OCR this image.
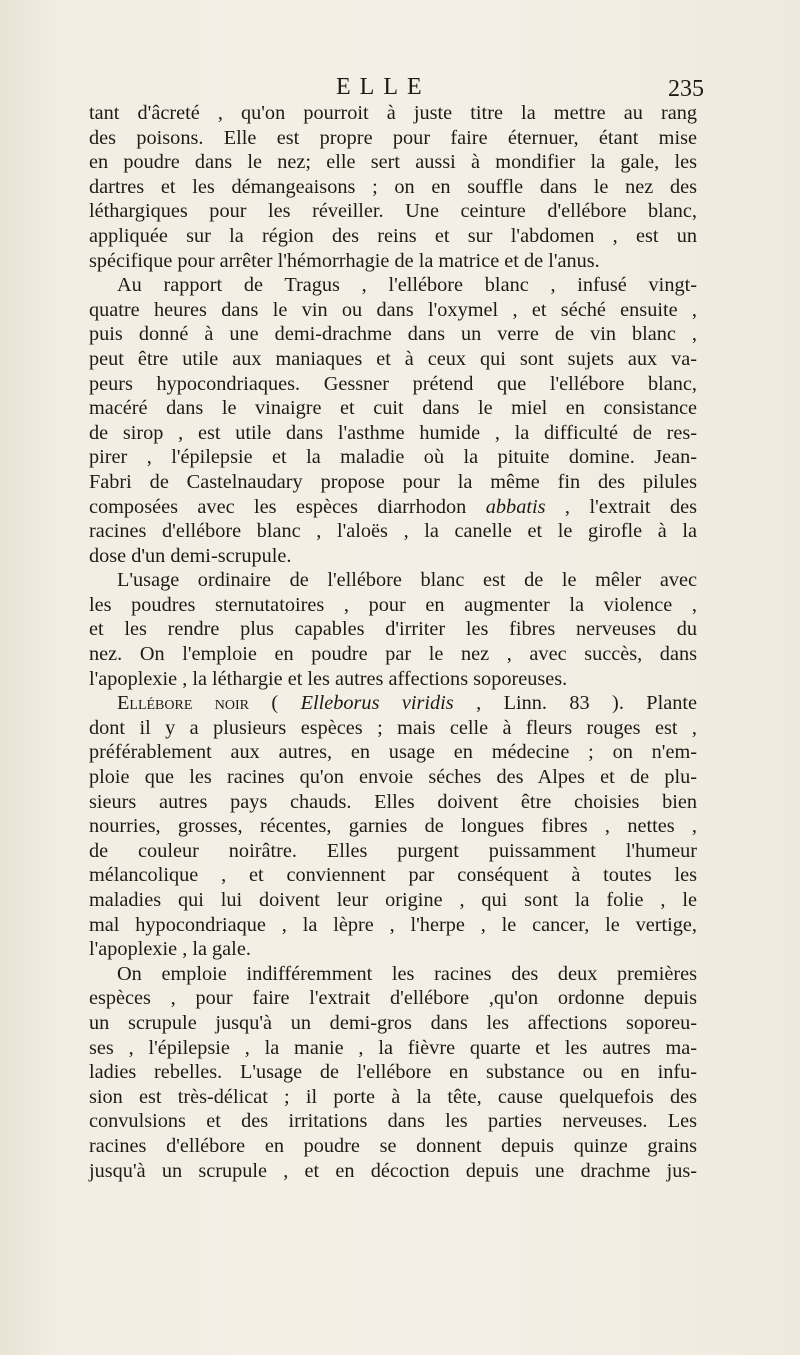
ELLE	235
tant d'âcreté , qu'on pourroit à juste titre la mettre au rang
des poisons. Elle est propre pour faire éternuer, étant mise
en poudre dans le nez; elle sert aussi à mondifier la gale, les
dartres et les démangeaisons ; on en souffle dans le nez des
léthargiques pour les réveiller. Une ceinture d'ellébore blanc,
appliquée sur la région des reins et sur l'abdomen , est un
spécifique pour arrêter l'hémorrhagie de la matrice et de l'anus.
Au rapport de Tragus , l'ellébore blanc , infusé vingt-
quatre heures dans le vin ou dans l'oxymel , et séché ensuite ,
puis donné à une demi-drachme dans un verre de vin blanc ,
peut être utile aux maniaques et à ceux qui sont sujets aux va-
peurs hypocondriaques. Gessner prétend que l'ellébore blanc,
macéré dans le vinaigre et cuit dans le miel en consistance
de sirop , est utile dans l'asthme humide , la difficulté de res-
pirer , l'épilepsie et la maladie où la pituite domine. Jean-
Fabri de Castelnaudary propose pour la même fin des pilules
composées avec les espèces diarrhodon abbatis , l'extrait des
racines d'ellébore blanc , l'aloës , la canelle et le girofle à la
dose d'un demi-scrupule.
L'usage ordinaire de l'ellébore blanc est de le mêler avec
les poudres sternutatoires , pour en augmenter la violence ,
et les rendre plus capables d'irriter les fibres nerveuses du
nez. On l'emploie en poudre par le nez , avec succès, dans
l'apoplexie , la léthargie et les autres affections soporeuses.
Ellébore noir ( Elleborus viridis , Linn. 83 ). Plante
dont il y a plusieurs espèces ; mais celle à fleurs rouges est ,
préférablement aux autres, en usage en médecine ; on n'em-
ploie que les racines qu'on envoie séches des Alpes et de plu-
sieurs autres pays chauds. Elles doivent être choisies bien
nourries, grosses, récentes, garnies de longues fibres , nettes ,
de couleur noirâtre. Elles purgent puissamment l'humeur
mélancolique , et conviennent par conséquent à toutes les
maladies qui lui doivent leur origine , qui sont la folie , le
mal hypocondriaque , la lèpre , l'herpe , le cancer, le vertige,
l'apoplexie , la gale.
On emploie indifféremment les racines des deux premières
espèces , pour faire l'extrait d'ellébore ,qu'on ordonne depuis
un scrupule jusqu'à un demi-gros dans les affections soporeu-
ses , l'épilepsie , la manie , la fièvre quarte et les autres ma-
ladies rebelles. L'usage de l'ellébore en substance ou en infu-
sion est très-délicat ; il porte à la tête, cause quelquefois des
convulsions et des irritations dans les parties nerveuses. Les
racines d'ellébore en poudre se donnent depuis quinze grains
jusqu'à un scrupule , et en décoction depuis une drachme jus-
